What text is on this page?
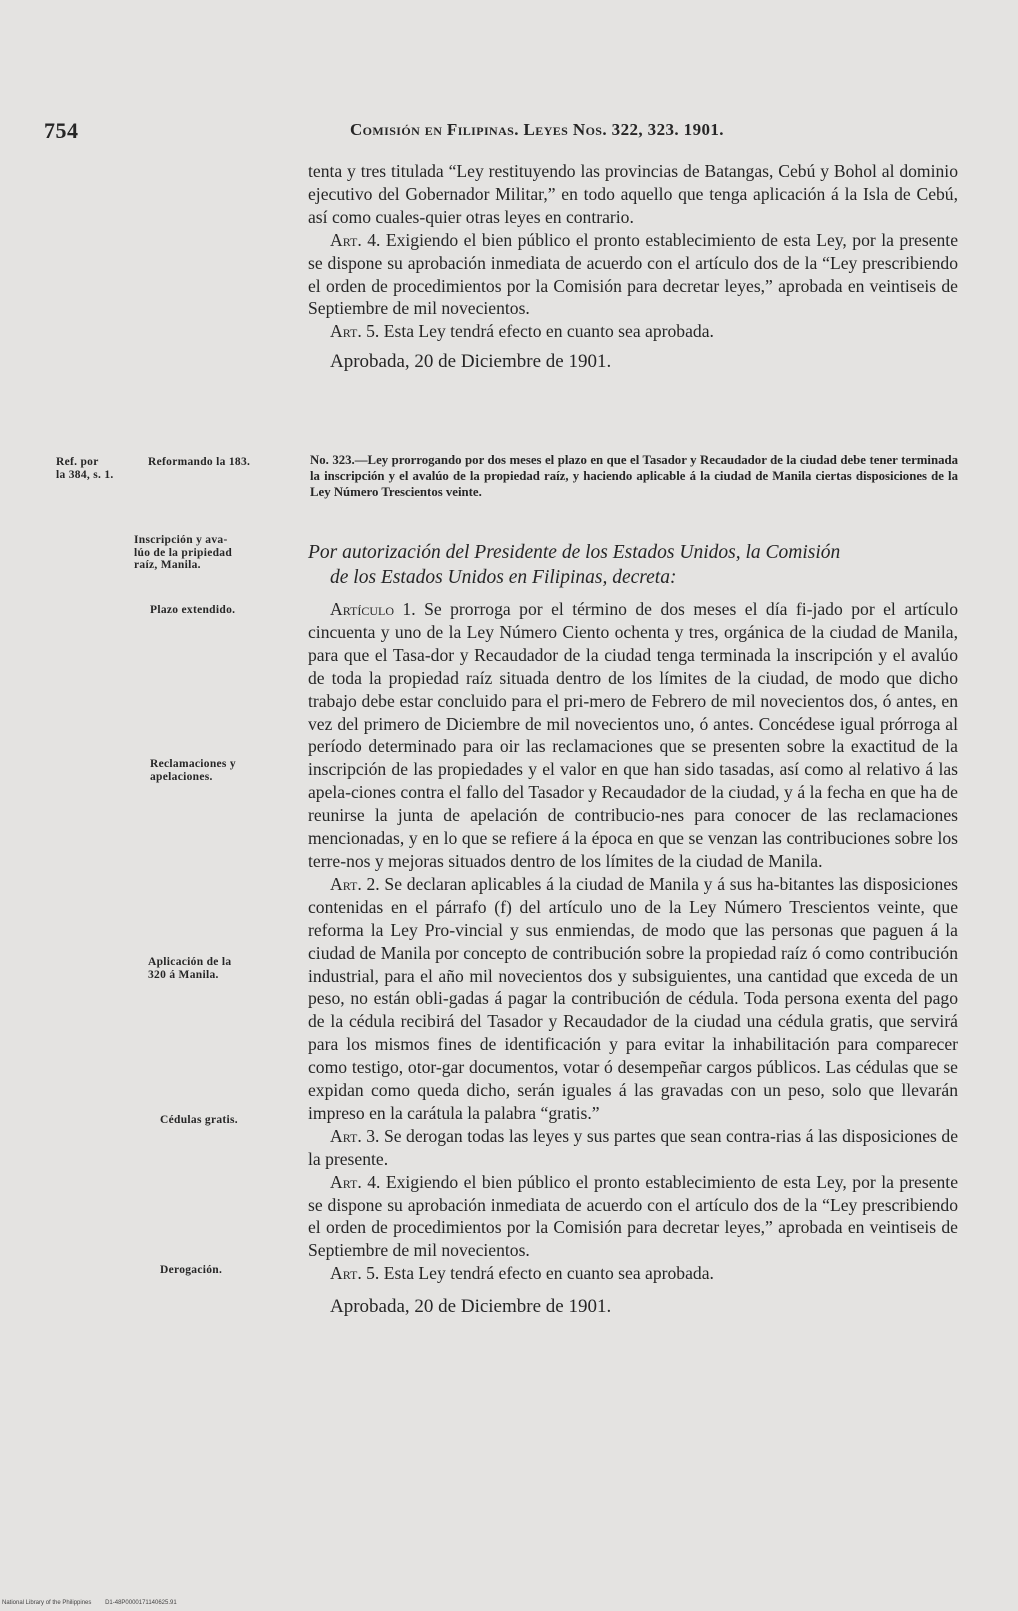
754	Comisión en Filipinas. Leyes Nos. 322, 323. 1901.

tenta y tres titulada “Ley restituyendo las provincias de Batangas, Cebú y Bohol al dominio ejecutivo del Gobernador Militar,” en todo aquello que tenga aplicación á la Isla de Cebú, así como cuales-quier otras leyes en contrario.

Art. 4. Exigiendo el bien público el pronto establecimiento de esta Ley, por la presente se dispone su aprobación inmediata de acuerdo con el artículo dos de la “Ley prescribiendo el orden de procedimientos por la Comisión para decretar leyes,” aprobada en veintiseis de Septiembre de mil novecientos.

Art. 5. Esta Ley tendrá efecto en cuanto sea aprobada.

Aprobada, 20 de Diciembre de 1901.

Ref. por
la 384, s. 1.
Reformando la 183.
Inscripción y ava-
lúo de la pripiedad
raíz, Manila.
Plazo extendido.
Reclamaciones y
apelaciones.
Aplicación de la
320 á Manila.
Cédulas gratis.
Derogación.
No. 323.—Ley prorrogando por dos meses el plazo en que el Tasador y Recaudador de la ciudad debe tener terminada la inscripción y el avalúo de la propiedad raíz, y haciendo aplicable á la ciudad de Manila ciertas disposiciones de la Ley Número Trescientos veinte.
Por autorización del Presidente de los Estados Unidos, la Comisión
de los Estados Unidos en Filipinas, decreta:

Artículo 1. Se prorroga por el término de dos meses el día fi-jado por el artículo cincuenta y uno de la Ley Número Ciento ochenta y tres, orgánica de la ciudad de Manila, para que el Tasa-dor y Recaudador de la ciudad tenga terminada la inscripción y el avalúo de toda la propiedad raíz situada dentro de los límites de la ciudad, de modo que dicho trabajo debe estar concluido para el pri-mero de Febrero de mil novecientos dos, ó antes, en vez del primero de Diciembre de mil novecientos uno, ó antes. Concédese igual prórroga al período determinado para oir las reclamaciones que se presenten sobre la exactitud de la inscripción de las propiedades y el valor en que han sido tasadas, así como al relativo á las apela-ciones contra el fallo del Tasador y Recaudador de la ciudad, y á la fecha en que ha de reunirse la junta de apelación de contribucio-nes para conocer de las reclamaciones mencionadas, y en lo que se refiere á la época en que se venzan las contribuciones sobre los terre-nos y mejoras situados dentro de los límites de la ciudad de Manila.

Art. 2. Se declaran aplicables á la ciudad de Manila y á sus ha-bitantes las disposiciones contenidas en el párrafo (f) del artículo uno de la Ley Número Trescientos veinte, que reforma la Ley Pro-vincial y sus enmiendas, de modo que las personas que paguen á la ciudad de Manila por concepto de contribución sobre la propiedad raíz ó como contribución industrial, para el año mil novecientos dos y subsiguientes, una cantidad que exceda de un peso, no están obli-gadas á pagar la contribución de cédula. Toda persona exenta del pago de la cédula recibirá del Tasador y Recaudador de la ciudad una cédula gratis, que servirá para los mismos fines de identificación y para evitar la inhabilitación para comparecer como testigo, otor-gar documentos, votar ó desempeñar cargos públicos. Las cédulas que se expidan como queda dicho, serán iguales á las gravadas con un peso, solo que llevarán impreso en la carátula la palabra “gratis.”

Art. 3. Se derogan todas las leyes y sus partes que sean contra-rias á las disposiciones de la presente.

Art. 4. Exigiendo el bien público el pronto establecimiento de esta Ley, por la presente se dispone su aprobación inmediata de acuerdo con el artículo dos de la “Ley prescribiendo el orden de procedimientos por la Comisión para decretar leyes,” aprobada en veintiseis de Septiembre de mil novecientos.

Art. 5. Esta Ley tendrá efecto en cuanto sea aprobada.

Aprobada, 20 de Diciembre de 1901.

National Library of the Philippines D1-48P0000171140625.91
